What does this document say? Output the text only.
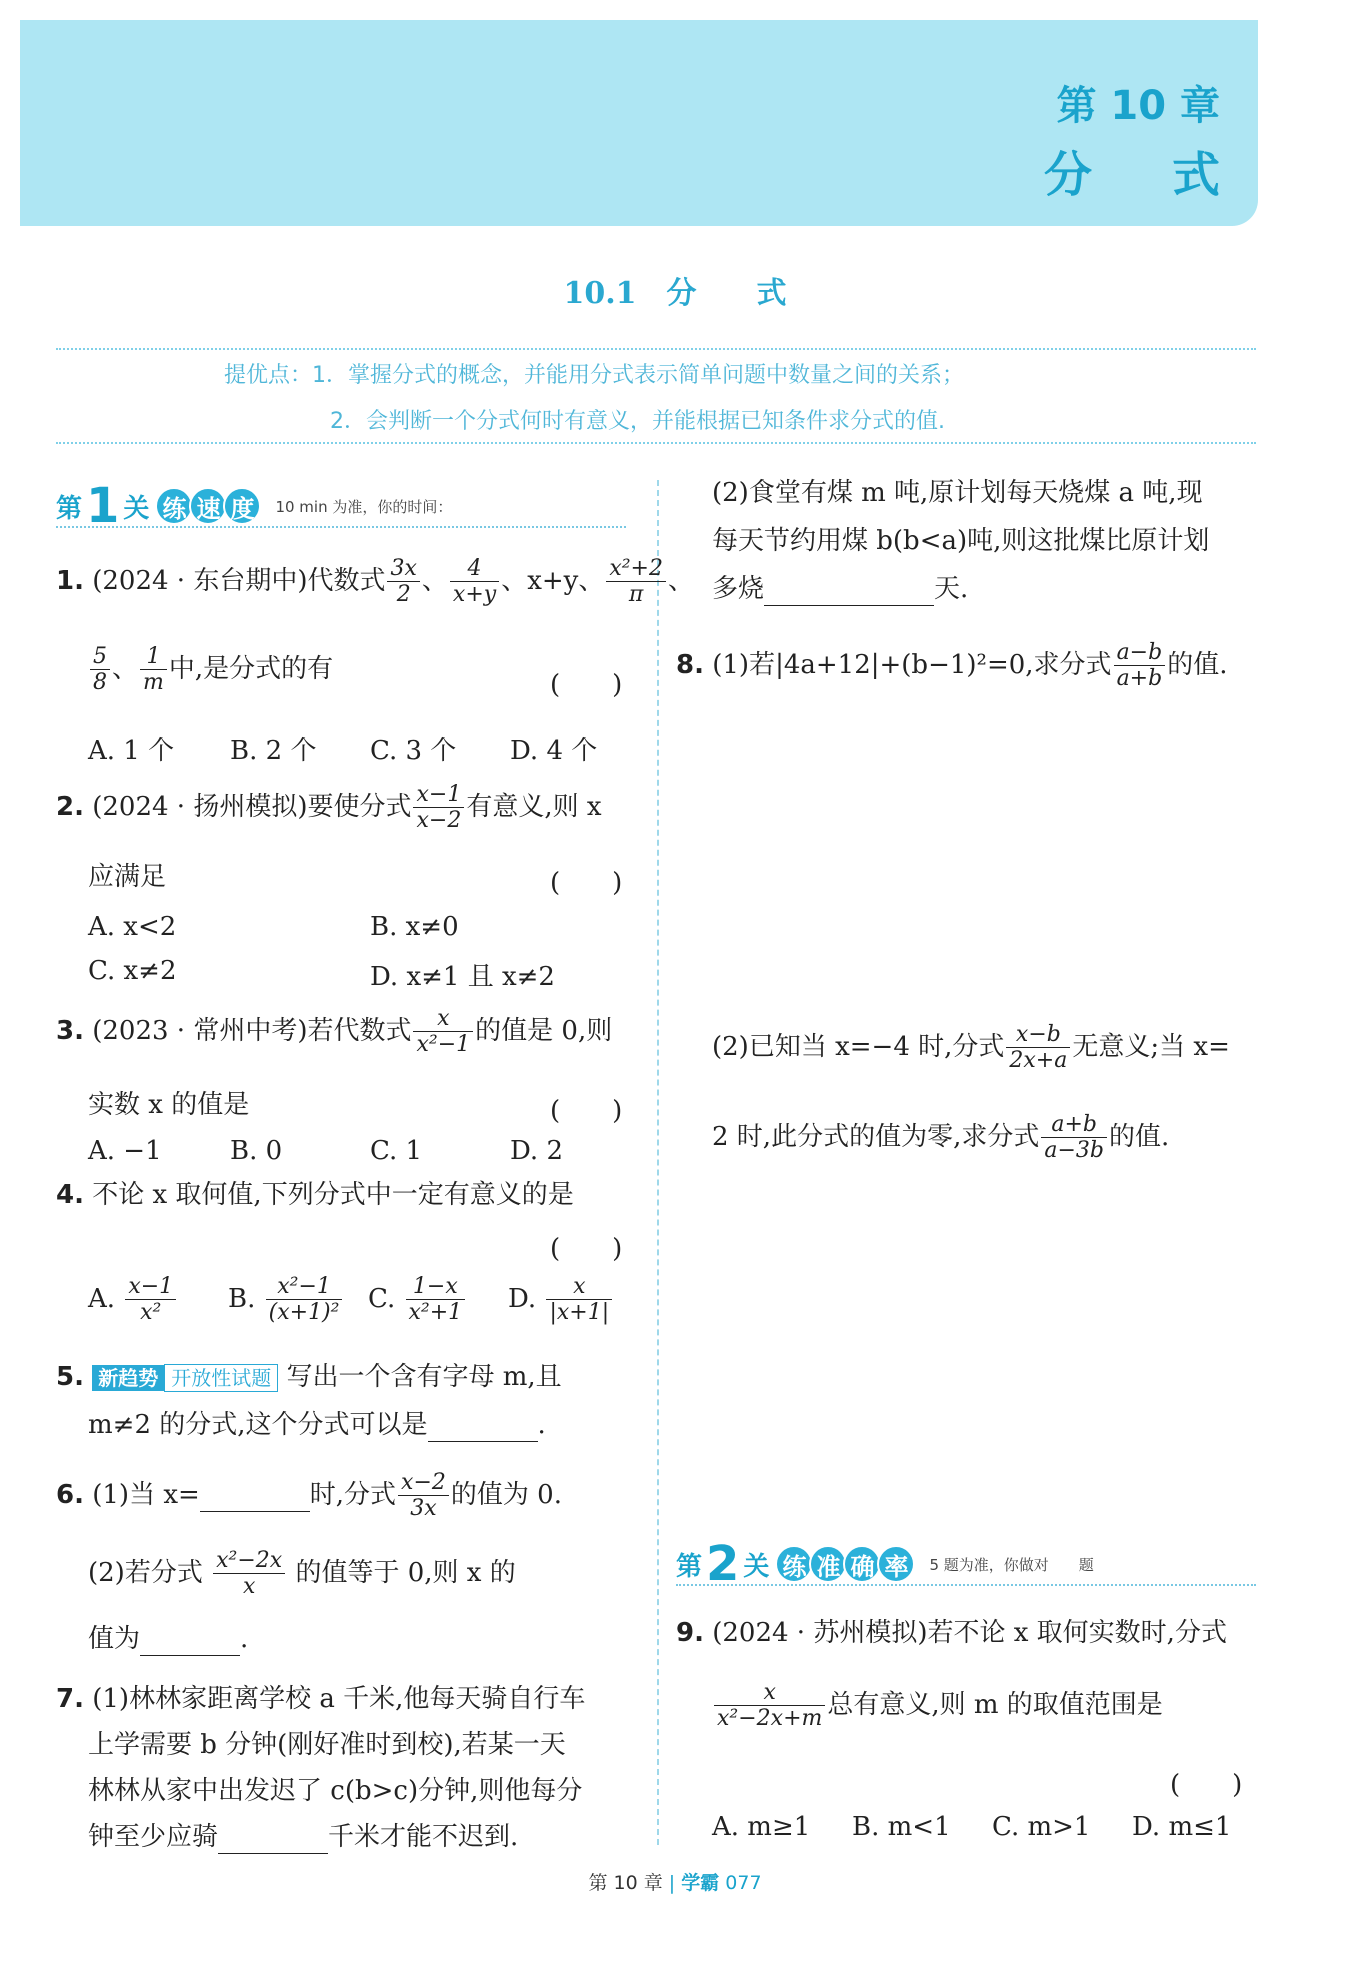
第 10 章
分式
10.1　分　　式
提优点：1．掌握分式的概念，并能用分式表示简单问题中数量之间的关系；
2．会判断一个分式何时有意义，并能根据已知条件求分式的值.
第 1 关 练 速 度	10 min 为准，你的时间：
1. (2024 · 东台期中)代数式 $\frac{3x}{2}$ 、 $\frac{4}{x+y}$ 、x+y、 $\frac{\text{x²+2}}{\pi}$ 、
$\frac{5}{8}$ 、 $\frac{1}{m}$ 中,是分式的有
(　　)
A. 1 个 B. 2 个 C. 3 个 D. 4 个
2. (2024 · 扬州模拟)要使分式 $\frac{x-1}{x-2}$ 有意义,则 x
应满足	(　　)
A. x<2	B. x≠0
C. x≠2	D. x≠1 且 x≠2
3. (2023 · 常州中考)若代数式 $\frac{x}{\text{x²−1}}$ 的值是 0,则
实数 x 的值是	(　　)
A. −1	B. 0	C. 1	D. 2
4. 不论 x 取何值,下列分式中一定有意义的是
(　　)
A. $\frac{x-1}{\text{x²}} B$. $\frac{\text{x²−1}}{\text{(x+1)²}} C$. $\frac{1-x}{\text{x²+1}} D$. $\frac{x}{|x+1|}$
5. 新趋势 开放性试题 写出一个含有字母 m,且
m≠2 的分式,这个分式可以是	.
6. (1)当 x=	时,分式 $\frac{x-2}{3x}$ 的值为 0.
(2)若分式 $\frac{\text{x²−2x}}{x}$ 的值等于 0,则 x 的
值为	.
7. (1)林林家距离学校 a 千米,他每天骑自行车
上学需要 b 分钟(刚好准时到校),若某一天
林林从家中出发迟了 c(b>c)分钟,则他每分
钟至少应骑	千米才能不迟到.
(2)食堂有煤 m 吨,原计划每天烧煤 a 吨,现
每天节约用煤 b(b<a)吨,则这批煤比原计划
多烧	天.
8. (1)若|4a+12|+(b−1)²=0,求分式 $\frac{a-b}{a+b}$ 的值.
(2)已知当 x=−4 时,分式 $\frac{x-b}{2x+a}$ 无意义;当 x=
2 时,此分式的值为零,求分式 $\frac{a+b}{a-3b}$ 的值.
第 2 关 练 准 确 率	5 题为准，你做对　　题
9. (2024 · 苏州模拟)若不论 x 取何实数时,分式
$\frac{x}{\text{x²−2x+m}}$ 总有意义,则 m 的取值范围是
(　　)
A. m≥1 B. m<1 C. m>1 D. m≤1
第 10 章 | 学霸 077
